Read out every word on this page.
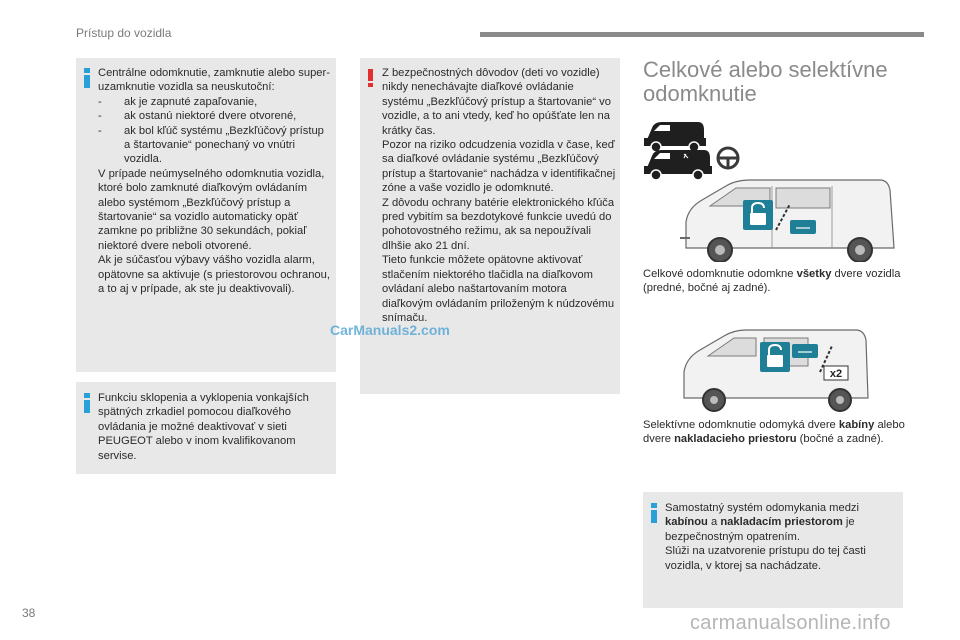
Prístup do vozidla

Centrálne odomknutie, zamknutie alebo super-uzamknutie vozidla sa neuskutoční:

-	ak je zapnuté zapaľovanie,
-	ak ostanú niektoré dvere otvorené,
-	ak bol kľúč systému „Bezkľúčový prístup a štartovanie“ ponechaný vo vnútri vozidla.

V prípade neúmyselného odomknutia vozidla, ktoré bolo zamknuté diaľkovým ovládaním alebo systémom „Bezkľúčový prístup a štartovanie“ sa vozidlo automaticky opäť zamkne po približne 30 sekundách, pokiaľ niektoré dvere neboli otvorené.

Ak je súčasťou výbavy vášho vozidla alarm, opätovne sa aktivuje (s priestorovou ochranou, a to aj v prípade, ak ste ju deaktivovali).

Funkciu sklopenia a vyklopenia vonkajších spätných zrkadiel pomocou diaľkového ovládania je možné deaktivovať v sieti PEUGEOT alebo v inom kvalifikovanom servise.

Z bezpečnostných dôvodov (deti vo vozidle) nikdy nenechávajte diaľkové ovládanie systému „Bezkľúčový prístup a štartovanie“ vo vozidle, a to ani vtedy, keď ho opúšťate len na krátky čas.

Pozor na riziko odcudzenia vozidla v čase, keď sa diaľkové ovládanie systému „Bezkľúčový prístup a štartovanie“ nachádza v identifikačnej zóne a vaše vozidlo je odomknuté.

Z dôvodu ochrany batérie elektronického kľúča pred vybitím sa bezdotykové funkcie uvedú do pohotovostného režimu, ak sa nepoužívali dlhšie ako 21 dní.

Tieto funkcie môžete opätovne aktivovať stlačením niektorého tlačidla na diaľkovom ovládaní alebo naštartovaním motora diaľkovým ovládaním priloženým k núdzovému snímaču.

CarManuals2.com
Celkové alebo selektívne odomknutie
Celkové odomknutie odomkne všetky dvere vozidla (predné, bočné aj zadné).
x2
Selektívne odomknutie odomyká dvere kabíny alebo dvere nakladacieho priestoru (bočné a zadné).

Samostatný systém odomykania medzi kabínou a nakladacím priestorom je bezpečnostným opatrením.

Slúži na uzatvorenie prístupu do tej časti vozidla, v ktorej sa nachádzate.

38	carmanualsonline.info
